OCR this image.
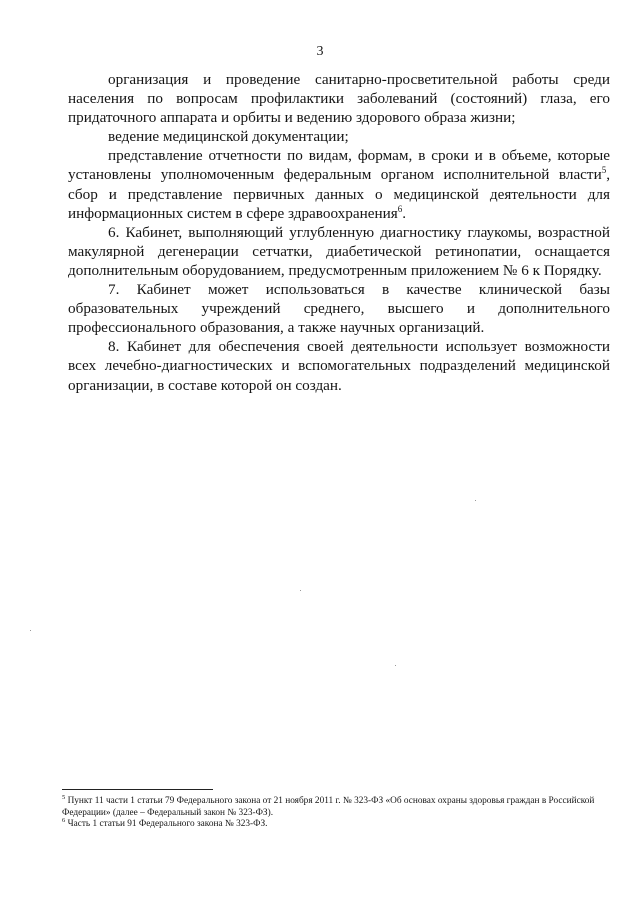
3

организация и проведение санитарно-просветительной работы среди населения по вопросам профилактики заболеваний (состояний) глаза, его придаточного аппарата и орбиты и ведению здорового образа жизни;

ведение медицинской документации;

представление отчетности по видам, формам, в сроки и в объеме, которые установлены уполномоченным федеральным органом исполнительной власти$^5$, сбор и представление первичных данных о медицинской деятельности для информационных систем в сфере здравоохранения$^6$.

6. Кабинет, выполняющий углубленную диагностику глаукомы, возрастной макулярной дегенерации сетчатки, диабетической ретинопатии, оснащается дополнительным оборудованием, предусмотренным приложением № 6 к Порядку.

7. Кабинет может использоваться в качестве клинической базы образовательных учреждений среднего, высшего и дополнительного профессионального образования, а также научных организаций.

8. Кабинет для обеспечения своей деятельности использует возможности всех лечебно-диагностических и вспомогательных подразделений медицинской организации, в составе которой он создан.

$^5$ Пункт 11 части 1 статьи 79 Федерального закона от 21 ноября 2011 г. № 323-ФЗ «Об основах охраны здоровья граждан в Российской Федерации» (далее – Федеральный закон № 323-ФЗ).

$^6$ Часть 1 статьи 91 Федерального закона № 323-ФЗ.
